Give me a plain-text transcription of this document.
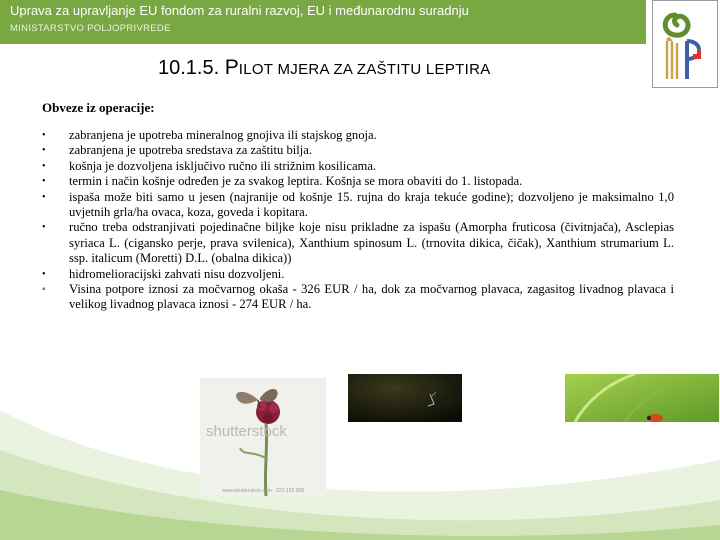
Uprava za upravljanje EU fondom za ruralni razvoj, EU i međunarodnu suradnju
MINISTARSTVO POLJOPRIVREDE
10.1.5. PILOT MJERA ZA ZAŠTITU LEPTIRA
Obveze iz operacije:
• zabranjena je upotreba mineralnog gnojiva ili stajskog gnoja.
• zabranjena je upotreba sredstava za zaštitu bilja.
• košnja je dozvoljena isključivo ručno ili strižnim kosilicama.
• termin i način košnje određen je za svakog leptira. Košnja se mora obaviti do 1. listopada.
• ispaša može biti samo u jesen (najranije od košnje 15. rujna do kraja tekuće godine); dozvoljeno je maksimalno 1,0 uvjetnih grla/ha ovaca, koza, goveda i kopitara.
• ručno treba odstranjivati pojedinačne biljke koje nisu prikladne za ispašu (Amorpha fruticosa (čivitnjača), Asclepias syriaca L. (cigansko perje, prava svilenica), Xanthium spinosum L. (trnovita dikica, čičak), Xanthium strumarium L. ssp. italicum (Moretti) D.L. (obalna dikica))
• hidromelioracijski zahvati nisu dozvoljeni.
▪ Visina potpore iznosi za močvarnog okaša - 326 EUR / ha, dok za močvarnog plavaca, zagasitog livadnog plavaca i velikog livadnog plavaca iznosi - 274 EUR / ha.
shutterstock
www.shutterstock.com · 321.162.308
